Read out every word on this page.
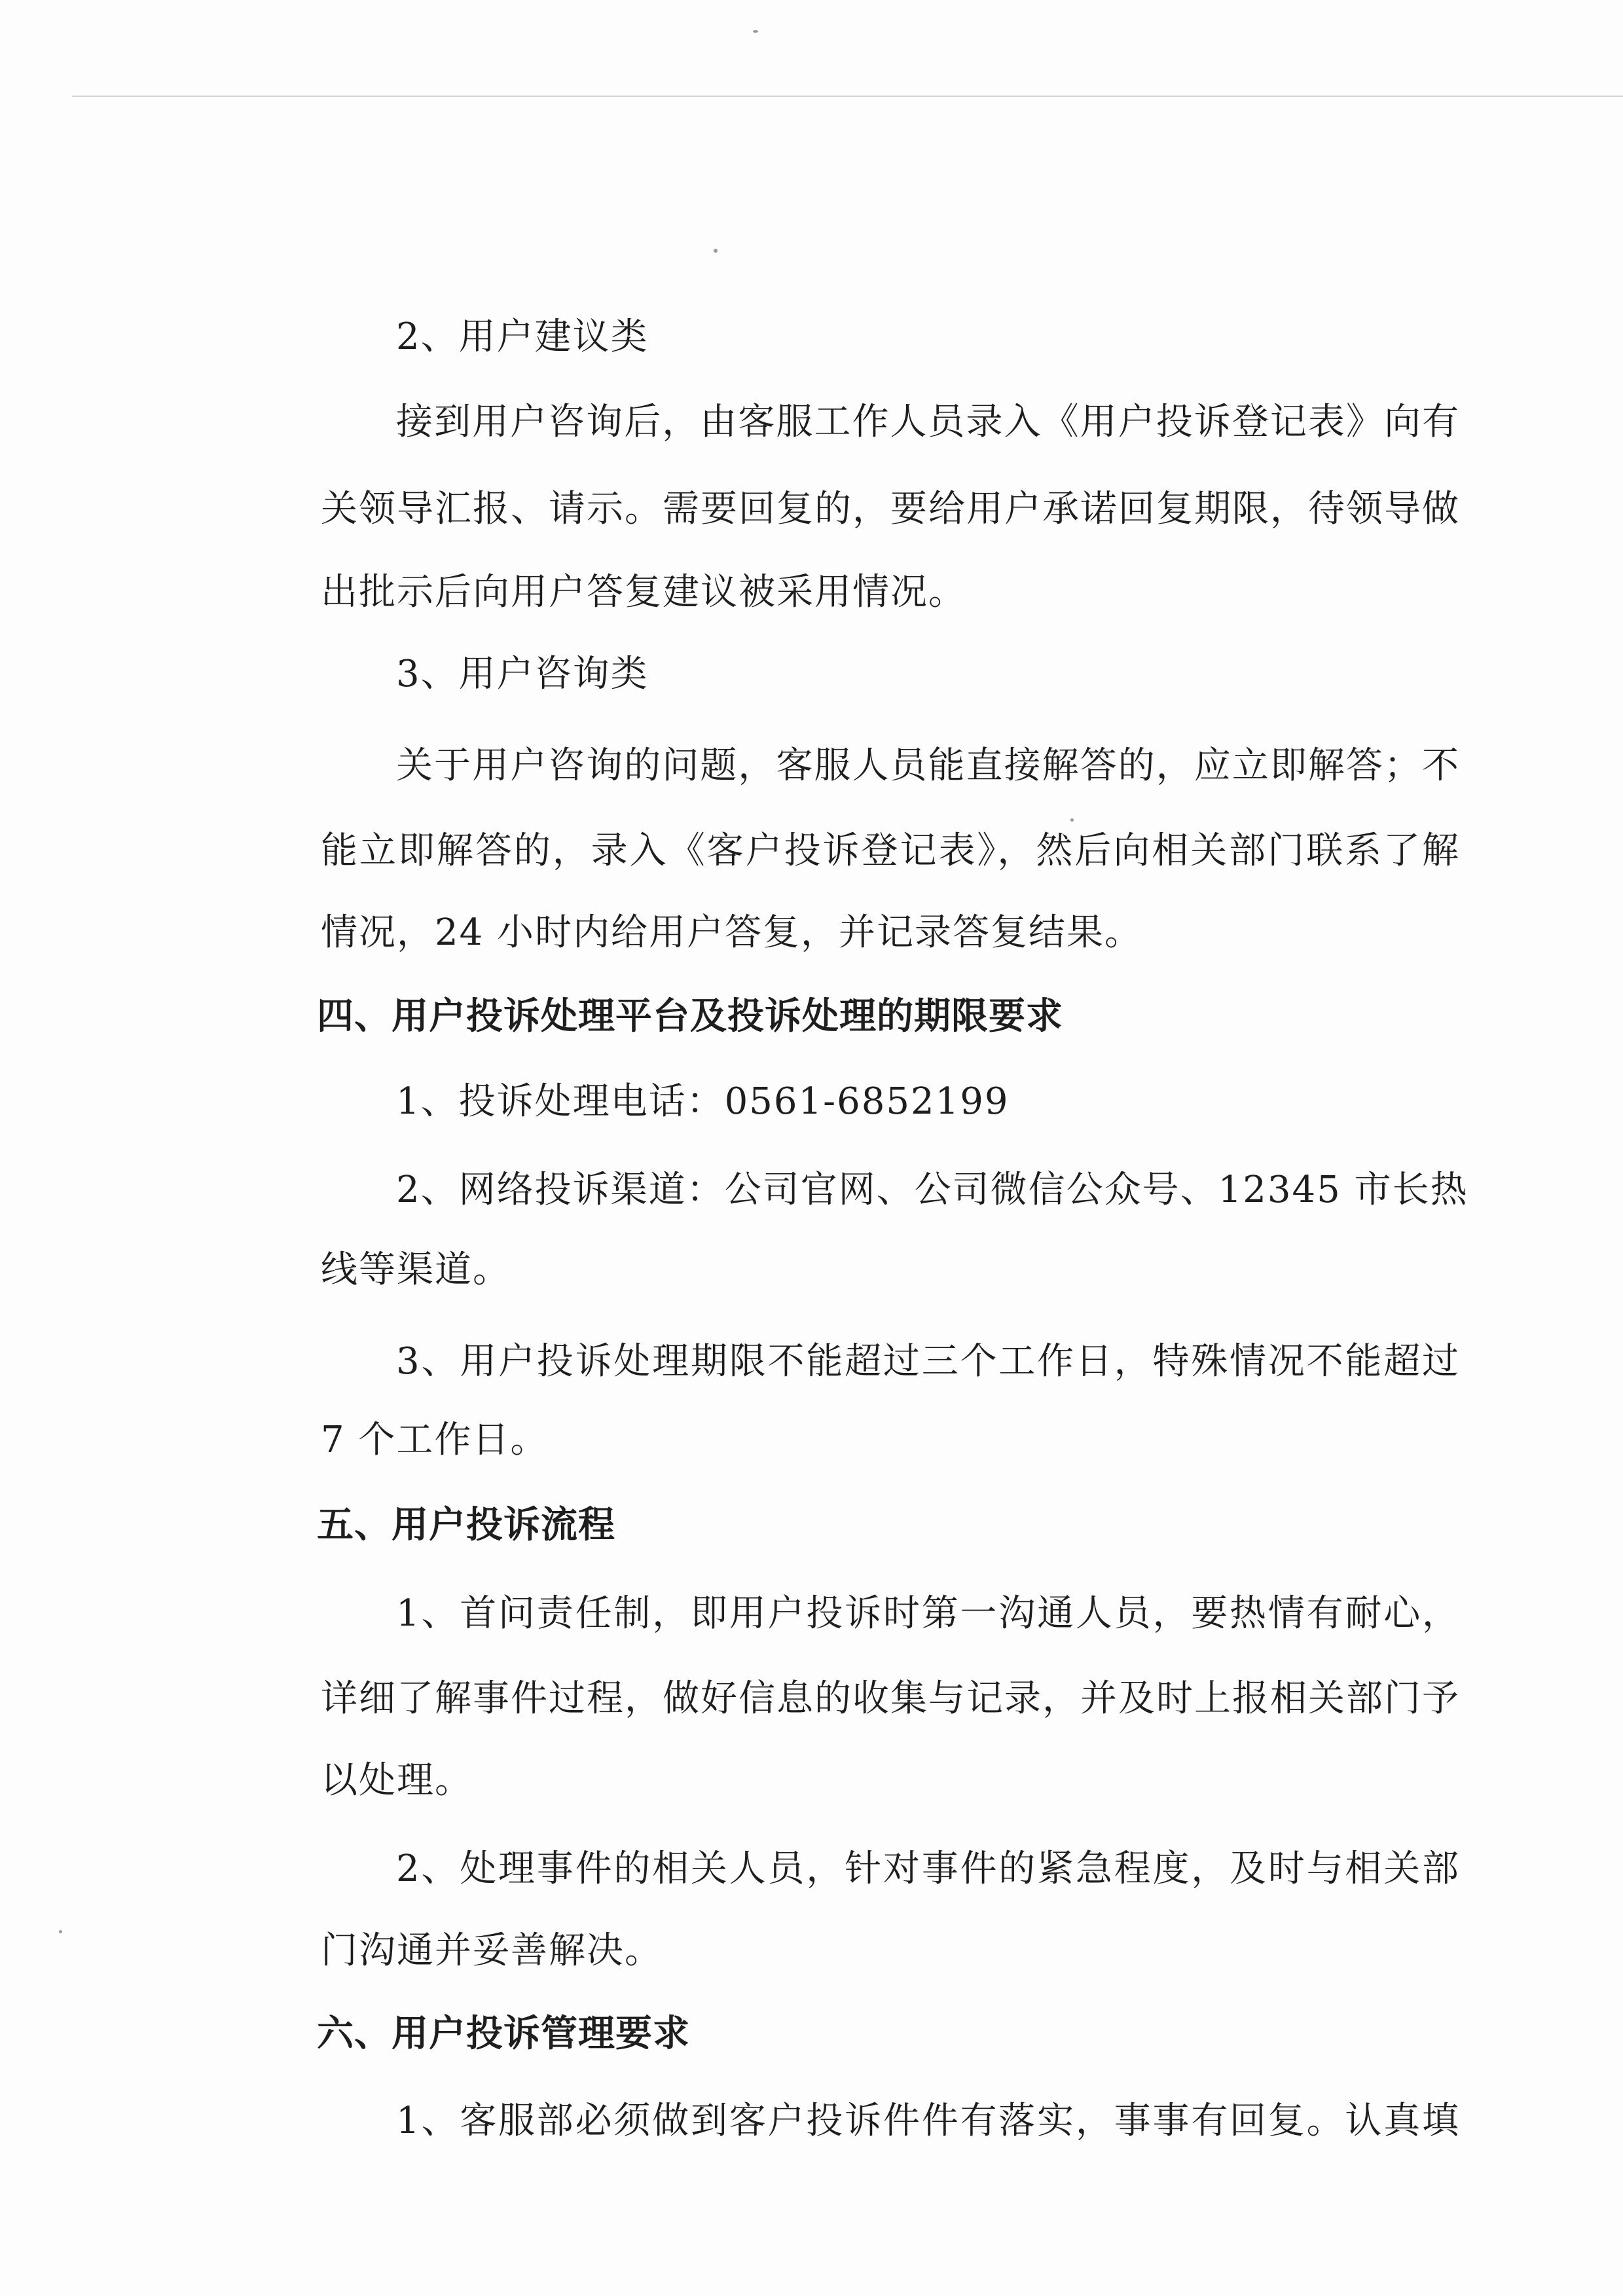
2、用户建议类
接到用户咨询后，由客服工作人员录入《用户投诉登记表》向有
关领导汇报、请示。需要回复的，要给用户承诺回复期限，待领导做
出批示后向用户答复建议被采用情况。
3、用户咨询类
关于用户咨询的问题，客服人员能直接解答的，应立即解答；不
能立即解答的，录入《客户投诉登记表》，然后向相关部门联系了解
情况，24 小时内给用户答复，并记录答复结果。
四、用户投诉处理平台及投诉处理的期限要求
1、投诉处理电话：0561-6852199
2、网络投诉渠道：公司官网、公司微信公众号、12345 市长热
线等渠道。
3、用户投诉处理期限不能超过三个工作日，特殊情况不能超过
7 个工作日。
五、用户投诉流程
1、首问责任制，即用户投诉时第一沟通人员，要热情有耐心，
详细了解事件过程，做好信息的收集与记录，并及时上报相关部门予
以处理。
2、处理事件的相关人员，针对事件的紧急程度，及时与相关部
门沟通并妥善解决。
六、用户投诉管理要求
1、客服部必须做到客户投诉件件有落实，事事有回复。认真填
